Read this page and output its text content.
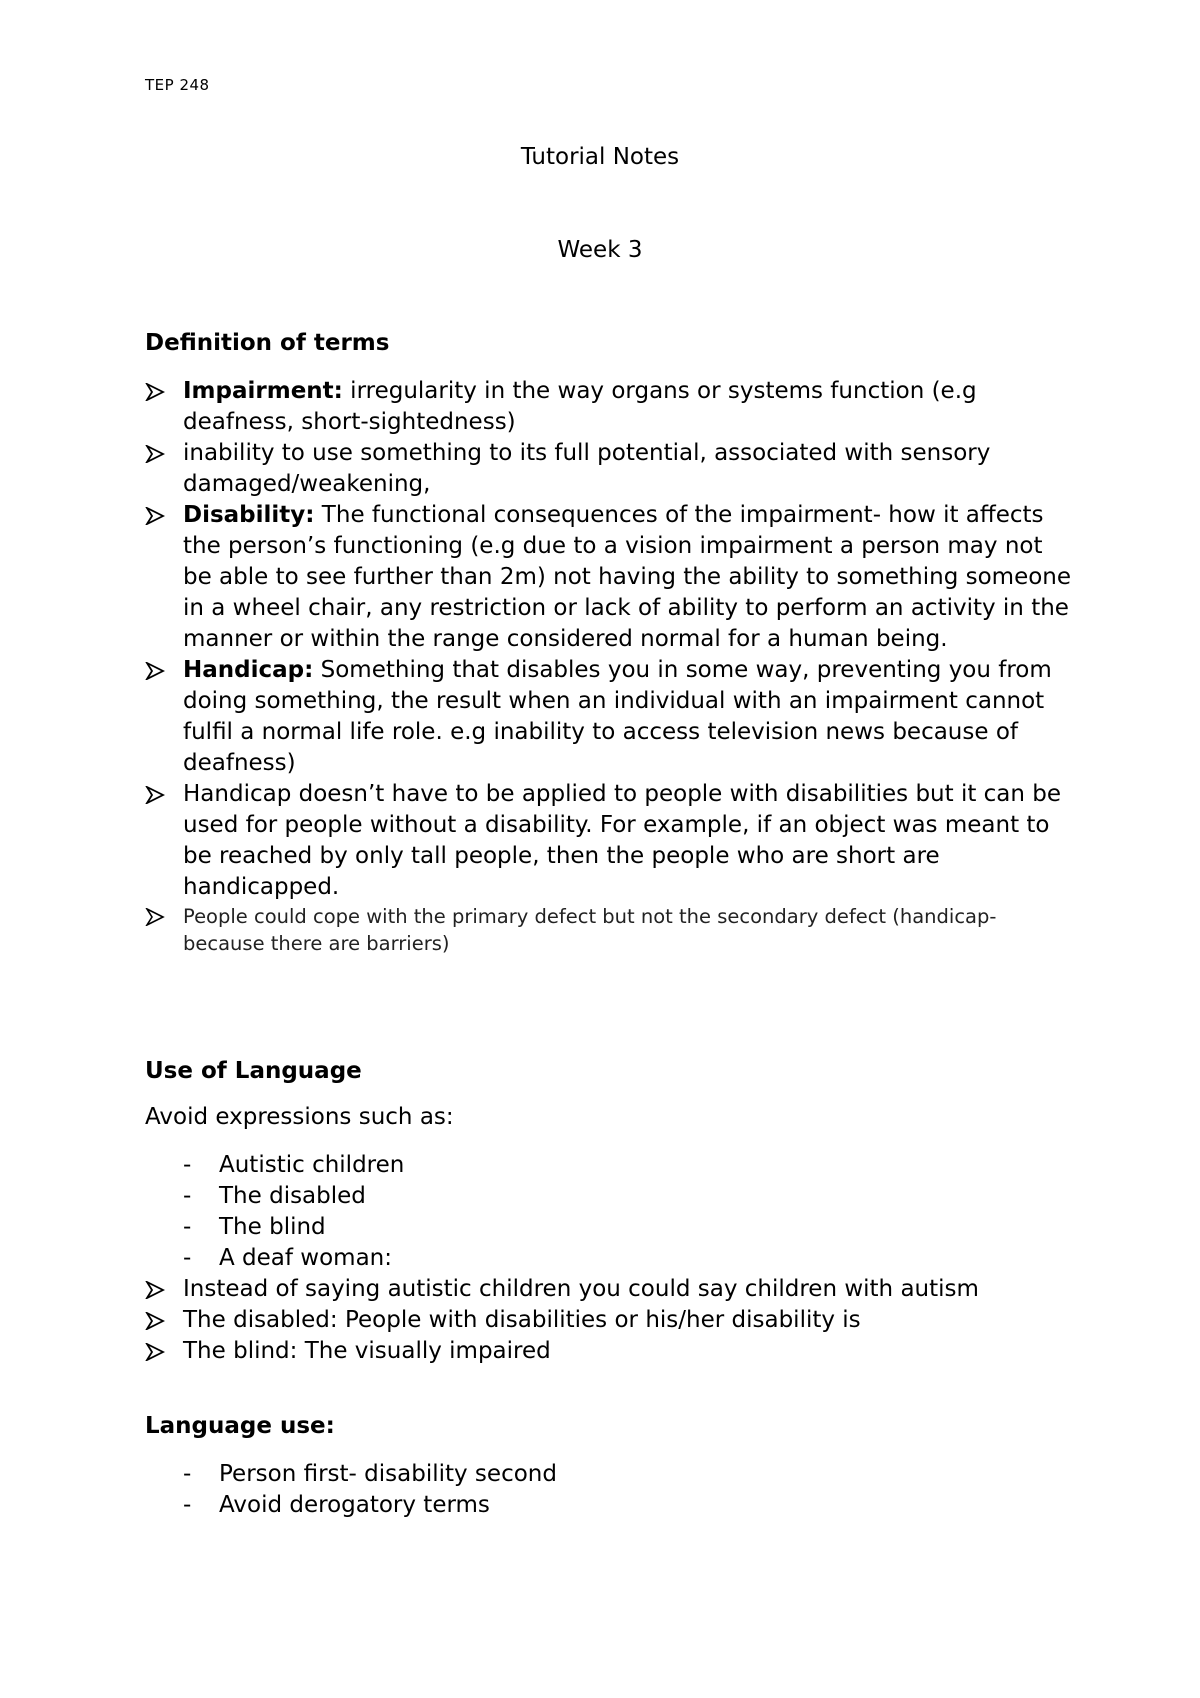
TEP 248
Tutorial Notes
Week 3
Definition of terms
Impairment: irregularity in the way organs or systems function (e.g deafness, short-sightedness)
inability to use something to its full potential, associated with sensory damaged/weakening,
Disability: The functional consequences of the impairment- how it affects the person’s functioning (e.g due to a vision impairment a person may not be able to see further than 2m) not having the ability to something someone in a wheel chair, any restriction or lack of ability to perform an activity in the manner or within the range considered normal for a human being.
Handicap: Something that disables you in some way, preventing you from doing something, the result when an individual with an impairment cannot fulfil a normal life role. e.g inability to access television news because of deafness)
Handicap doesn’t have to be applied to people with disabilities but it can be used for people without a disability. For example, if an object was meant to be reached by only tall people, then the people who are short are handicapped.
People could cope with the primary defect but not the secondary defect (handicap- because there are barriers)
Use of Language
Avoid expressions such as:
- Autistic children
- The disabled
- The blind
- A deaf woman:
Instead of saying autistic children you could say children with autism
The disabled: People with disabilities or his/her disability is
The blind: The visually impaired
Language use:
- Person first- disability second
- Avoid derogatory terms
